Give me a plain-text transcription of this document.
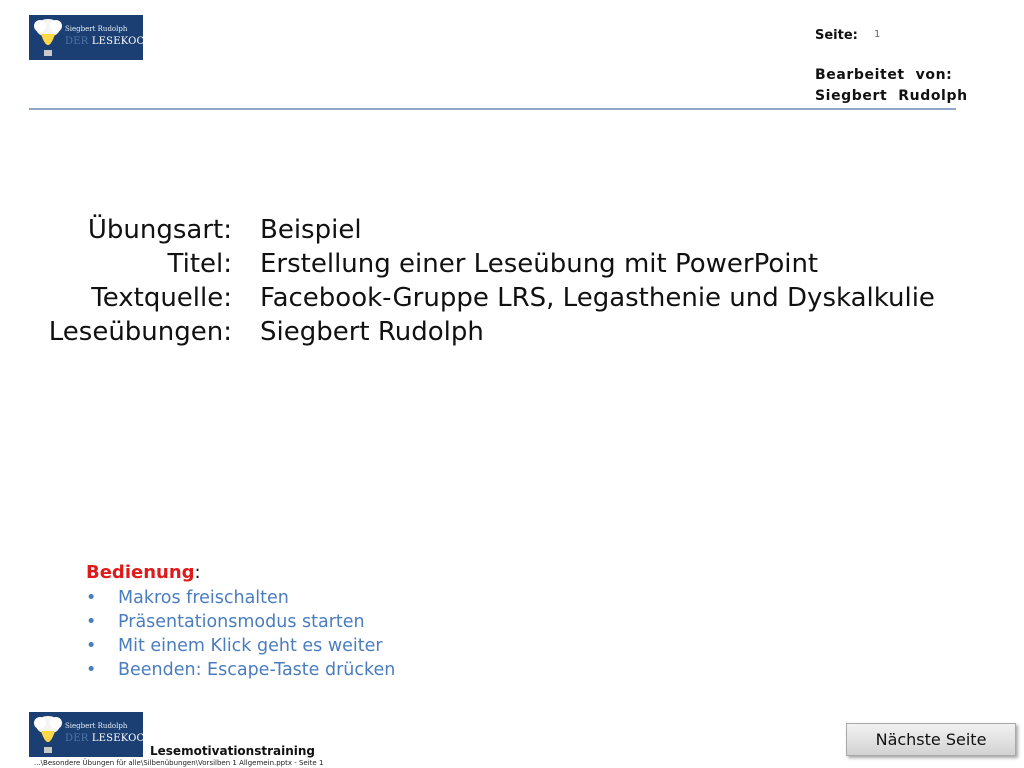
Siegbert Rudolph
DER LESEKOCH	Seite: 1
Bearbeitet  von:
Siegbert  Rudolph
Übungsart:
Titel:
Textquelle:
Leseübungen:
Beispiel
Erstellung einer Leseübung mit PowerPoint
Facebook-Gruppe LRS, Legasthenie und Dyskalkulie
Siegbert Rudolph
Bedienung:
• Makros freischalten
• Präsentationsmodus starten
• Mit einem Klick geht es weiter
• Beenden: Escape-Taste drücken
Siegbert Rudolph
DER LESEKOCH
Lesemotivationstraining
...\Besondere Übungen für alle\Silbenübungen\Vorsilben 1 Allgemein.pptx - Seite 1
Nächste Seite
